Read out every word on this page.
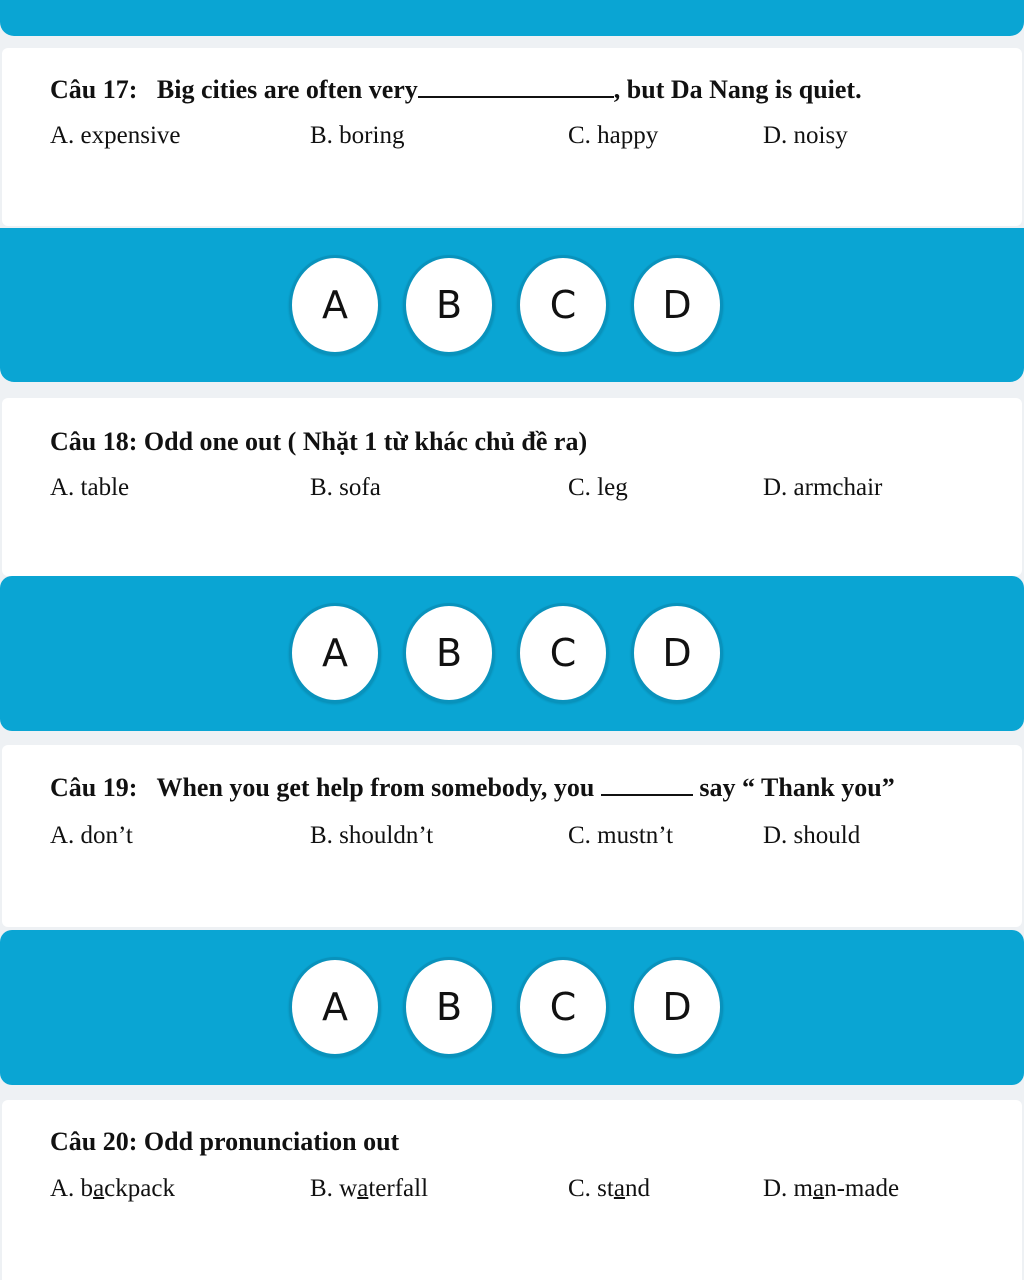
Câu 17: Big cities are often very	, but Da Nang is quiet.
A. expensive	B. boring	C. happy	D. noisy
A	B	C	D
Câu 18: Odd one out ( Nhặt 1 từ khác chủ đề ra)
A. table	B. sofa	C. leg	D. armchair
A	B	C	D
Câu 19: When you get help from somebody, you	say “ Thank you”
A. don’t	B. shouldn’t	C. mustn’t	D. should
A	B	C	D
Câu 20: Odd pronunciation out
A. backpack	B. waterfall	C. stand	D. man-made
